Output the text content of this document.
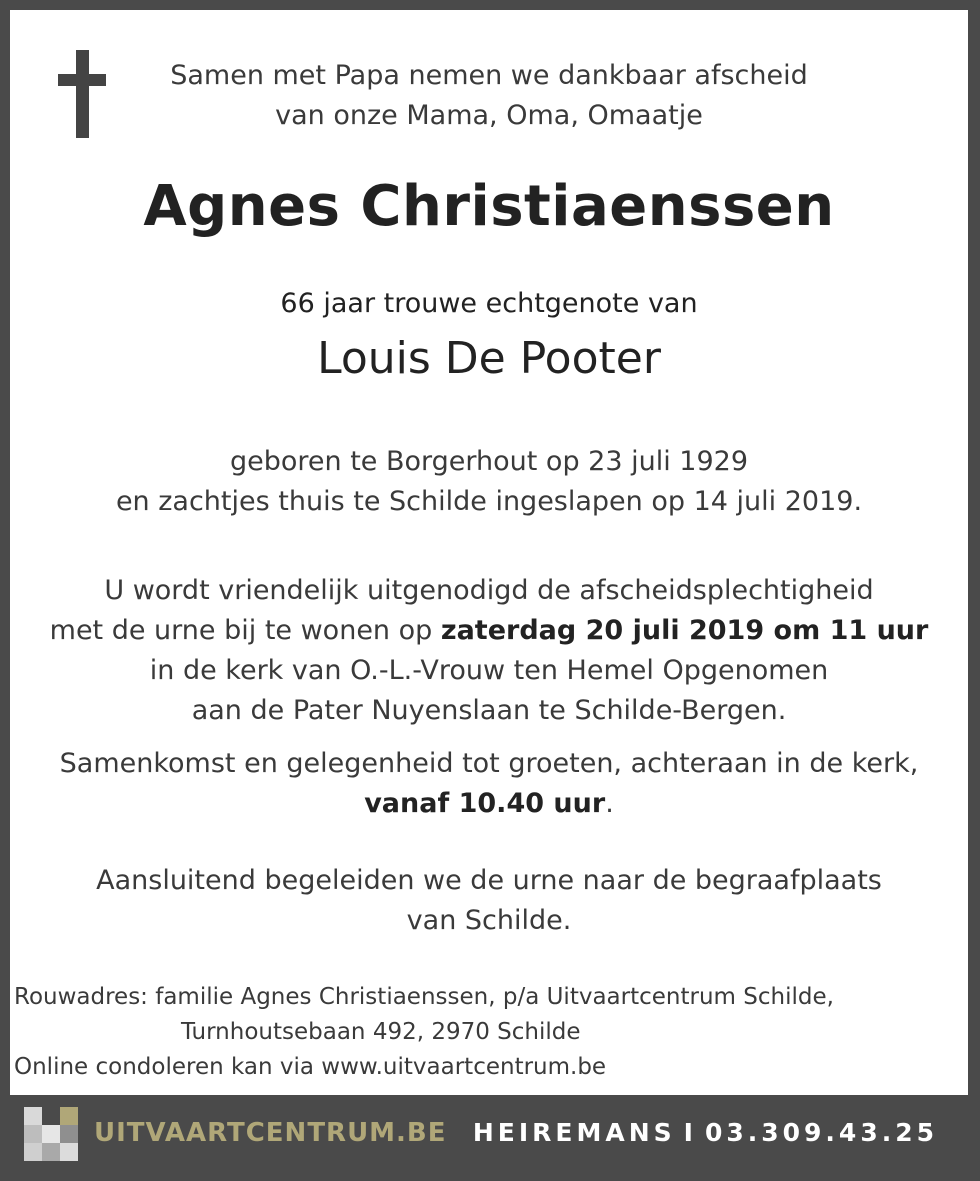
Samen met Papa nemen we dankbaar afscheid
van onze Mama, Oma, Omaatje

Agnes Christiaenssen

66 jaar trouwe echtgenote van

Louis De Pooter

geboren te Borgerhout op 23 juli 1929
en zachtjes thuis te Schilde ingeslapen op 14 juli 2019.

U wordt vriendelijk uitgenodigd de afscheidsplechtigheid
met de urne bij te wonen op zaterdag 20 juli 2019 om 11 uur
in de kerk van O.-L.-Vrouw ten Hemel Opgenomen
aan de Pater Nuyenslaan te Schilde-Bergen.

Samenkomst en gelegenheid tot groeten, achteraan in de kerk,
vanaf 10.40 uur.

Aansluitend begeleiden we de urne naar de begraafplaats
van Schilde.

Rouwadres: familie Agnes Christiaenssen, p/a Uitvaartcentrum Schilde,

Turnhoutsebaan 492, 2970 Schilde
Online condoleren kan via www.uitvaartcentrum.be
UITVAARTCENTRUM.BE HEIREMANS I 03.309.43.25
